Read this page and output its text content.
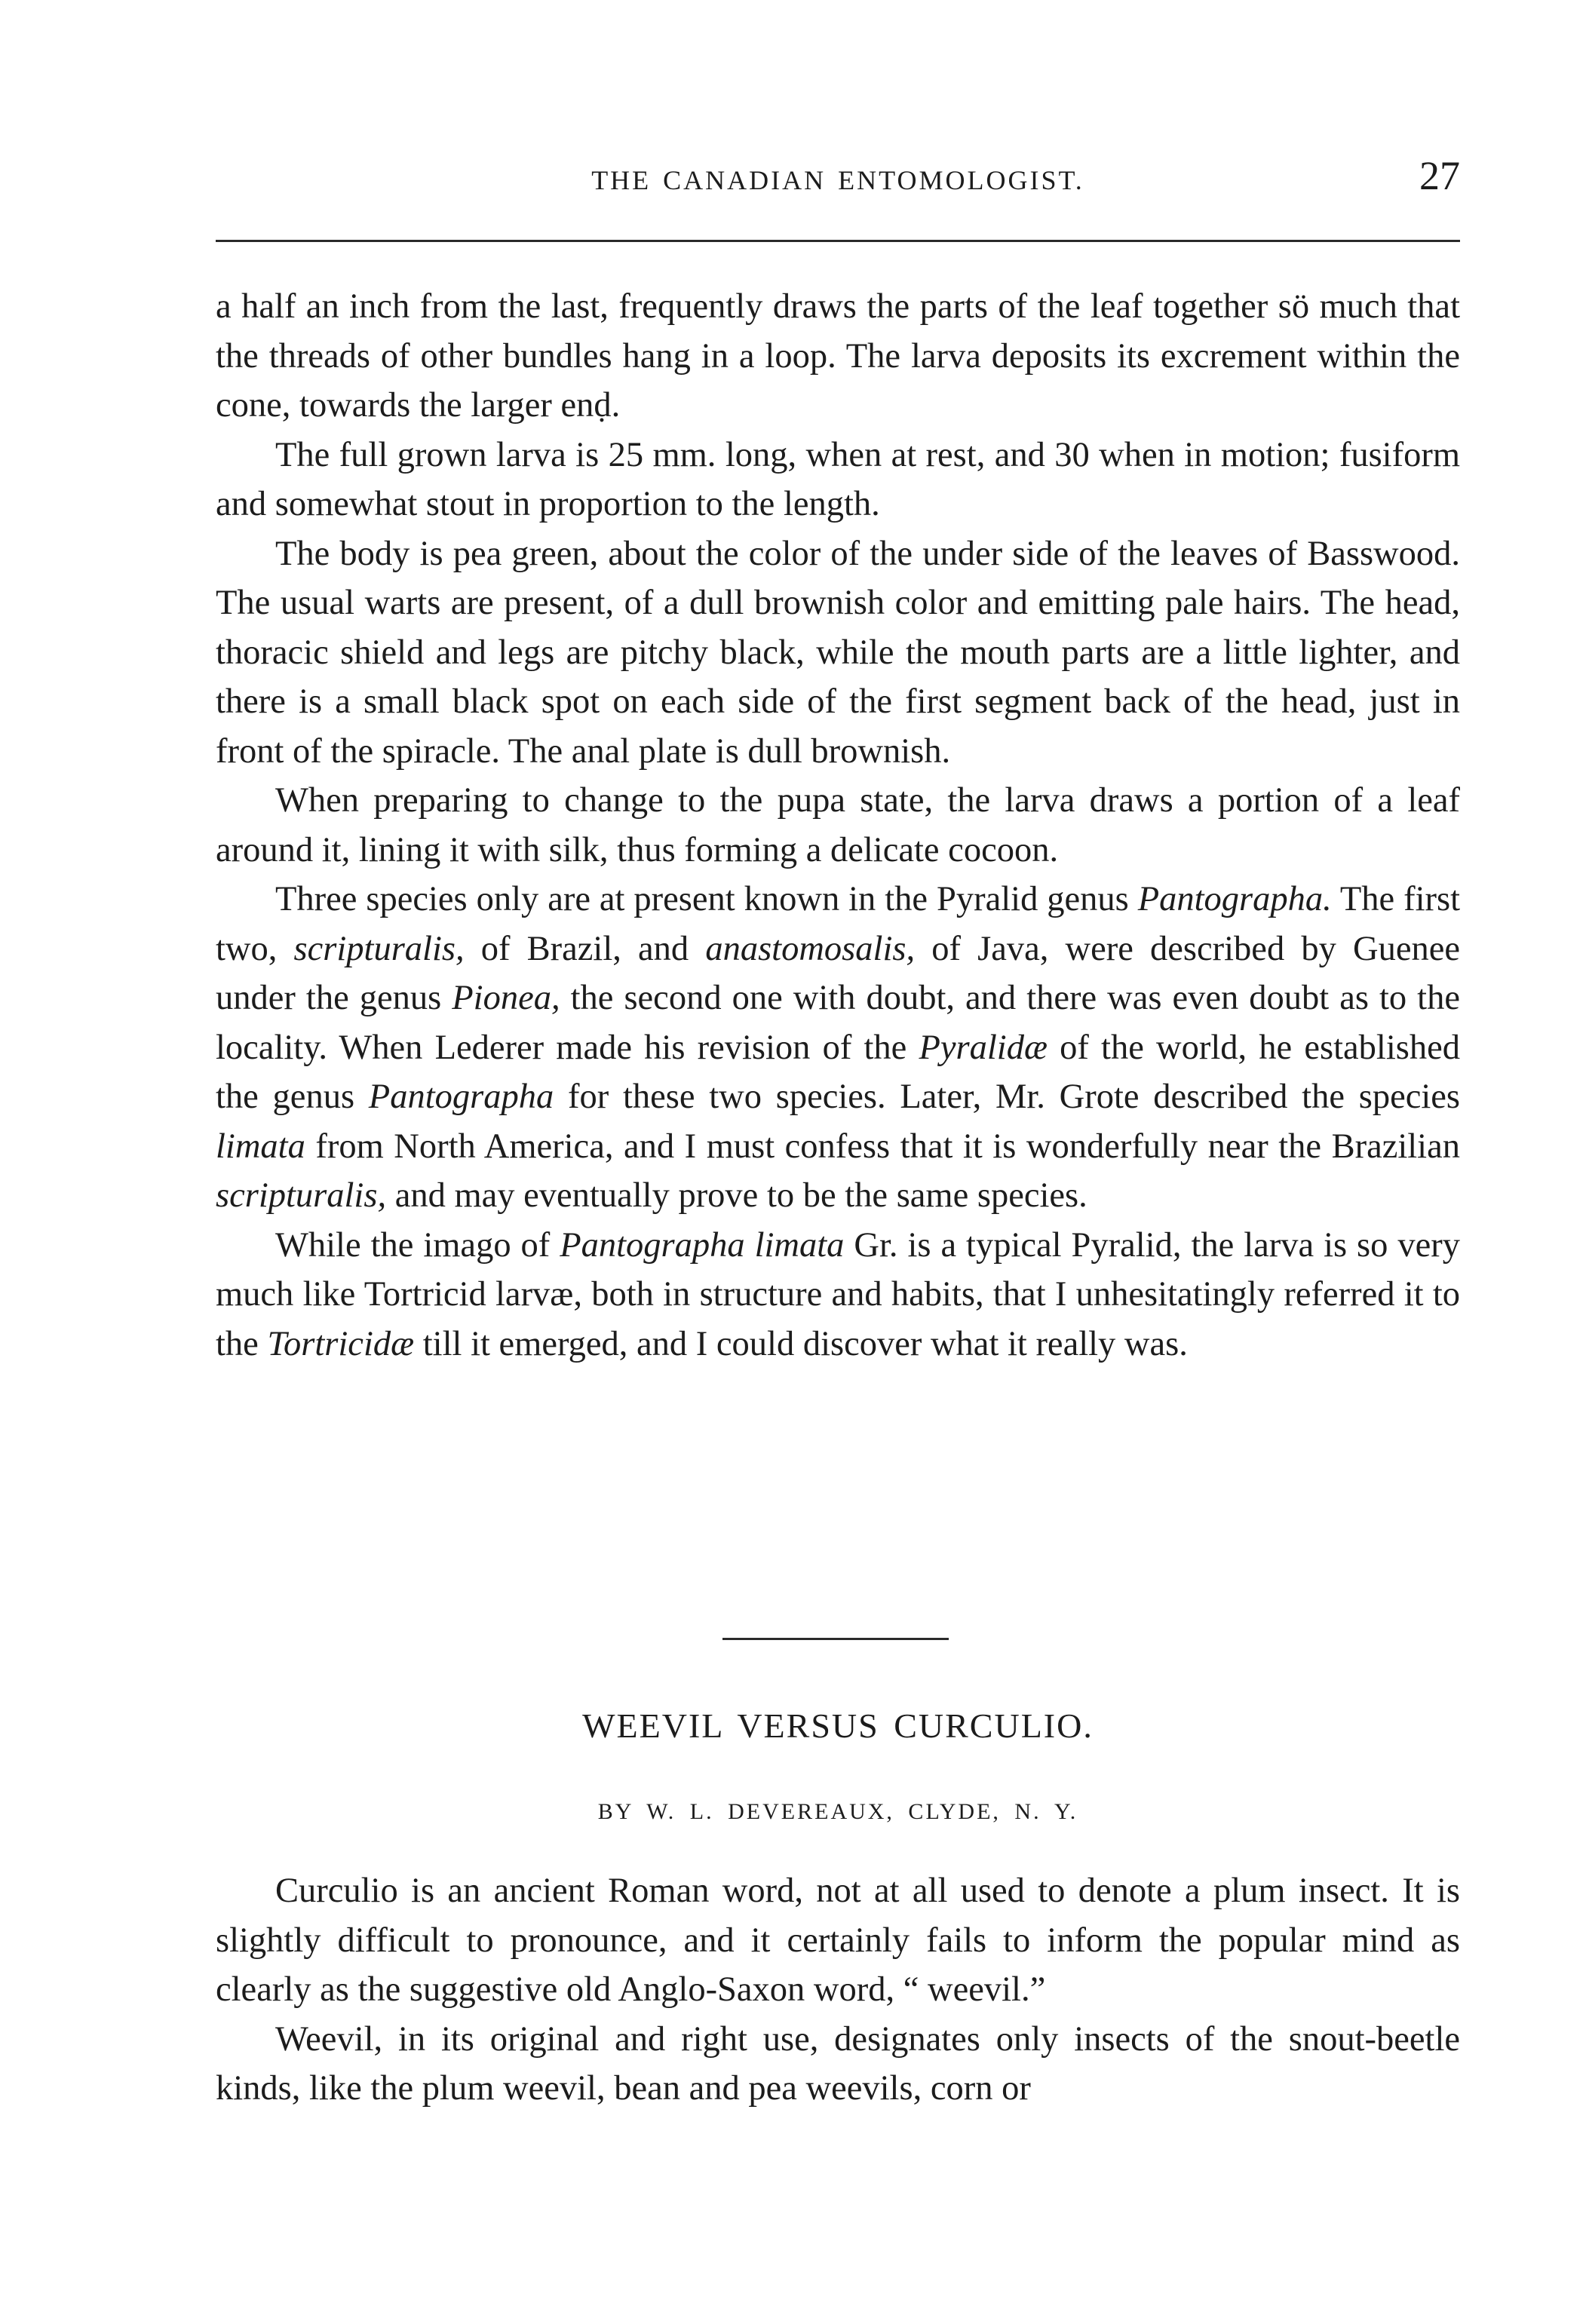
THE CANADIAN ENTOMOLOGIST.	27

a half an inch from the last, frequently draws the parts of the leaf together sö much that the threads of other bundles hang in a loop. The larva deposits its excrement within the cone, towards the larger enḍ.

The full grown larva is 25 mm. long, when at rest, and 30 when in motion; fusiform and somewhat stout in proportion to the length.

The body is pea green, about the color of the under side of the leaves of Basswood. The usual warts are present, of a dull brownish color and emitting pale hairs. The head, thoracic shield and legs are pitchy black, while the mouth parts are a little lighter, and there is a small black spot on each side of the first segment back of the head, just in front of the spiracle. The anal plate is dull brownish.

When preparing to change to the pupa state, the larva draws a portion of a leaf around it, lining it with silk, thus forming a delicate cocoon.

Three species only are at present known in the Pyralid genus Pantographa. The first two, scripturalis, of Brazil, and anastomosalis, of Java, were described by Guenee under the genus Pionea, the second one with doubt, and there was even doubt as to the locality. When Lederer made his revision of the Pyralidæ of the world, he established the genus Pantographa for these two species. Later, Mr. Grote described the species limata from North America, and I must confess that it is wonderfully near the Brazilian scripturalis, and may eventually prove to be the same species.

While the imago of Pantographa limata Gr. is a typical Pyralid, the larva is so very much like Tortricid larvæ, both in structure and habits, that I unhesitatingly referred it to the Tortricidæ till it emerged, and I could discover what it really was.

WEEVIL VERSUS CURCULIO.
BY W. L. DEVEREAUX, CLYDE, N. Y.

Curculio is an ancient Roman word, not at all used to denote a plum insect. It is slightly difficult to pronounce, and it certainly fails to inform the popular mind as clearly as the suggestive old Anglo-Saxon word, “ weevil.”

Weevil, in its original and right use, designates only insects of the snout-beetle kinds, like the plum weevil, bean and pea weevils, corn or
